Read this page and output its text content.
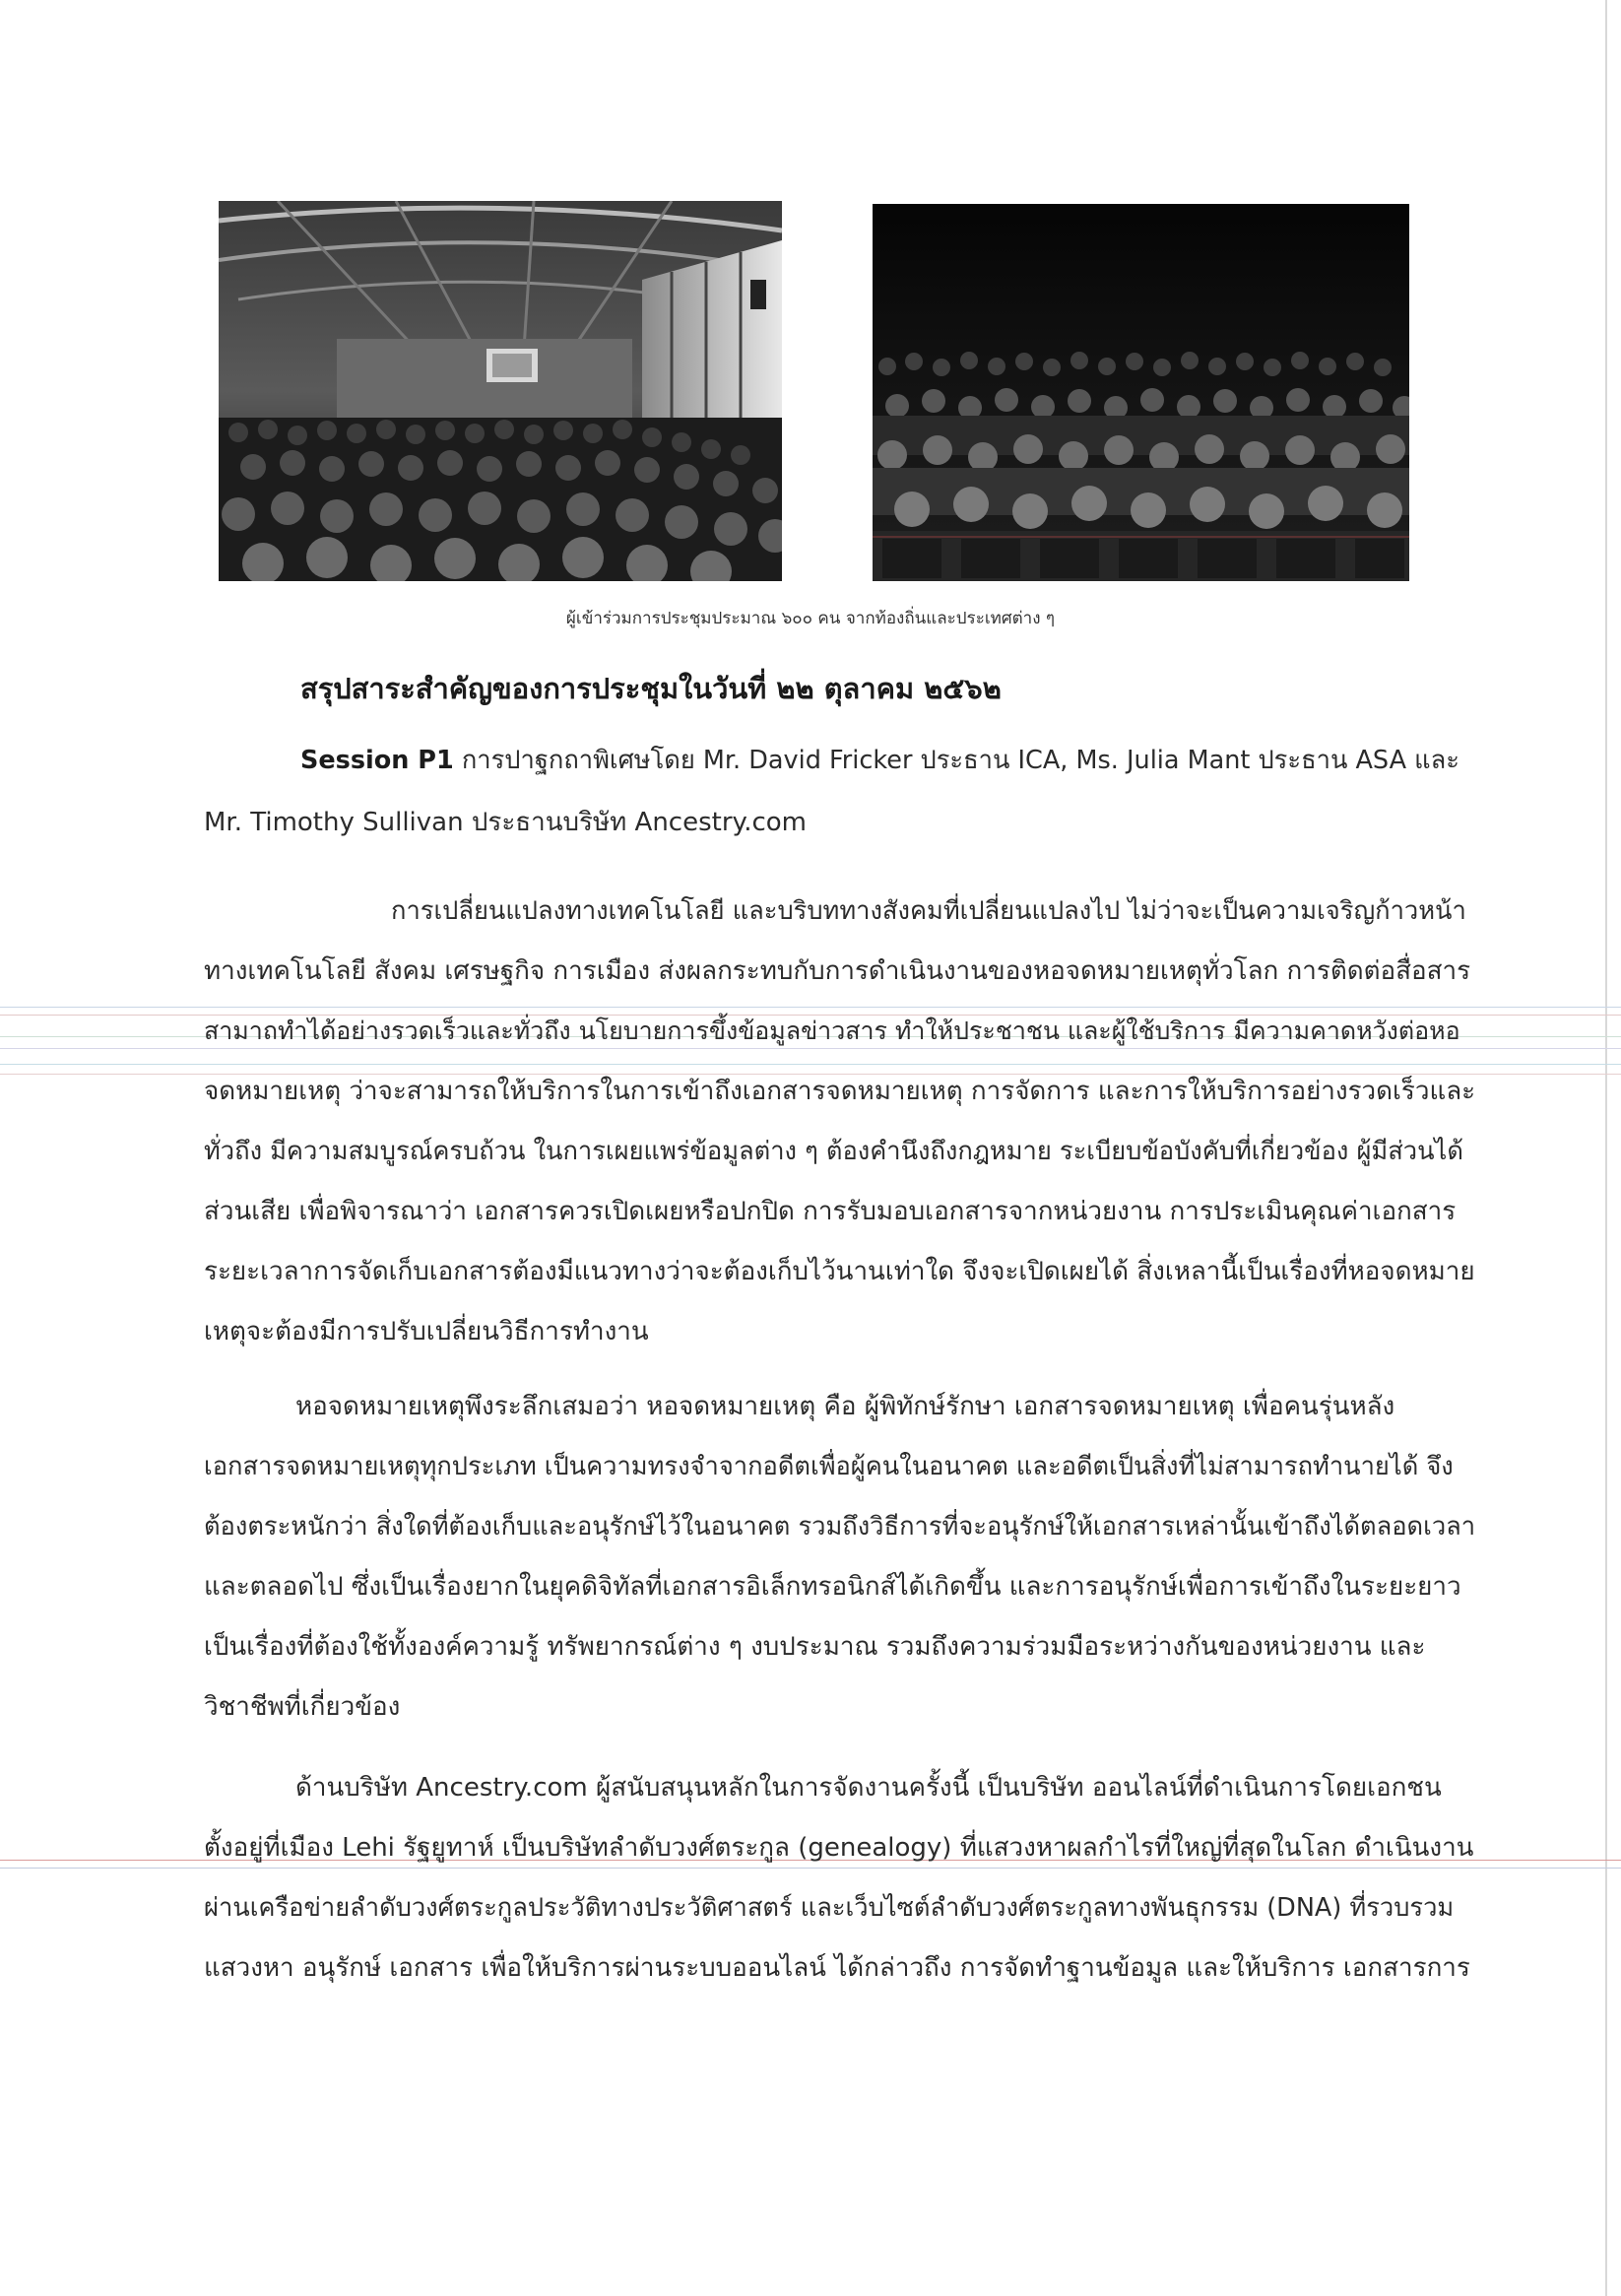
ผู้เข้าร่วมการประชุมประมาณ ๖๐๐ คน จากท้องถิ่นและประเทศต่าง ๆ
สรุปสาระสำคัญของการประชุมในวันที่ ๒๒ ตุลาคม ๒๕๖๒
Session P1 การปาฐกถาพิเศษโดย Mr. David Fricker ประธาน ICA, Ms. Julia Mant ประธาน ASA และ
Mr. Timothy Sullivan ประธานบริษัท Ancestry.com
การเปลี่ยนแปลงทางเทคโนโลยี และบริบททางสังคมที่เปลี่ยนแปลงไป ไม่ว่าจะเป็นความเจริญก้าวหน้า
ทางเทคโนโลยี สังคม เศรษฐกิจ การเมือง ส่งผลกระทบกับการดำเนินงานของหอจดหมายเหตุทั่วโลก การติดต่อสื่อสาร
สามาถทำได้อย่างรวดเร็วและทั่วถึง นโยบายการขึ้งข้อมูลข่าวสาร ทำให้ประชาชน และผู้ใช้บริการ มีความคาดหวังต่อหอ
จดหมายเหตุ ว่าจะสามารถให้บริการในการเข้าถึงเอกสารจดหมายเหตุ การจัดการ และการให้บริการอย่างรวดเร็วและ
ทั่วถึง มีความสมบูรณ์ครบถ้วน ในการเผยแพร่ข้อมูลต่าง ๆ ต้องคำนึงถึงกฎหมาย ระเบียบข้อบังคับที่เกี่ยวข้อง ผู้มีส่วนได้
ส่วนเสีย เพื่อพิจารณาว่า เอกสารควรเปิดเผยหรือปกปิด การรับมอบเอกสารจากหน่วยงาน การประเมินคุณค่าเอกสาร
ระยะเวลาการจัดเก็บเอกสารต้องมีแนวทางว่าจะต้องเก็บไว้นานเท่าใด จึงจะเปิดเผยได้ สิ่งเหลานี้เป็นเรื่องที่หอจดหมาย
เหตุจะต้องมีการปรับเปลี่ยนวิธีการทำงาน
หอจดหมายเหตุพึงระลึกเสมอว่า หอจดหมายเหตุ คือ ผู้พิทักษ์รักษา เอกสารจดหมายเหตุ เพื่อคนรุ่นหลัง
เอกสารจดหมายเหตุทุกประเภท เป็นความทรงจำจากอดีตเพื่อผู้คนในอนาคต และอดีตเป็นสิ่งที่ไม่สามารถทำนายได้ จึง
ต้องตระหนักว่า สิ่งใดที่ต้องเก็บและอนุรักษ์ไว้ในอนาคต รวมถึงวิธีการที่จะอนุรักษ์ให้เอกสารเหล่านั้นเข้าถึงได้ตลอดเวลา
และตลอดไป ซึ่งเป็นเรื่องยากในยุคดิจิทัลที่เอกสารอิเล็กทรอนิกส์ได้เกิดขึ้น และการอนุรักษ์เพื่อการเข้าถึงในระยะยาว
เป็นเรื่องที่ต้องใช้ทั้งองค์ความรู้ ทรัพยากรณ์ต่าง ๆ งบประมาณ รวมถึงความร่วมมือระหว่างกันของหน่วยงาน และ
วิชาชีพที่เกี่ยวข้อง
ด้านบริษัท Ancestry.com ผู้สนับสนุนหลักในการจัดงานครั้งนี้ เป็นบริษัท ออนไลน์ที่ดำเนินการโดยเอกชน
ตั้งอยู่ที่เมือง Lehi รัฐยูทาห์ เป็นบริษัทลำดับวงศ์ตระกูล (genealogy) ที่แสวงหาผลกำไรที่ใหญ่ที่สุดในโลก ดำเนินงาน
ผ่านเครือข่ายลำดับวงศ์ตระกูลประวัติทางประวัติศาสตร์ และเว็บไซต์ลำดับวงศ์ตระกูลทางพันธุกรรม (DNA) ที่รวบรวม
แสวงหา อนุรักษ์ เอกสาร เพื่อให้บริการผ่านระบบออนไลน์ ได้กล่าวถึง การจัดทำฐานข้อมูล และให้บริการ เอกสารการ
